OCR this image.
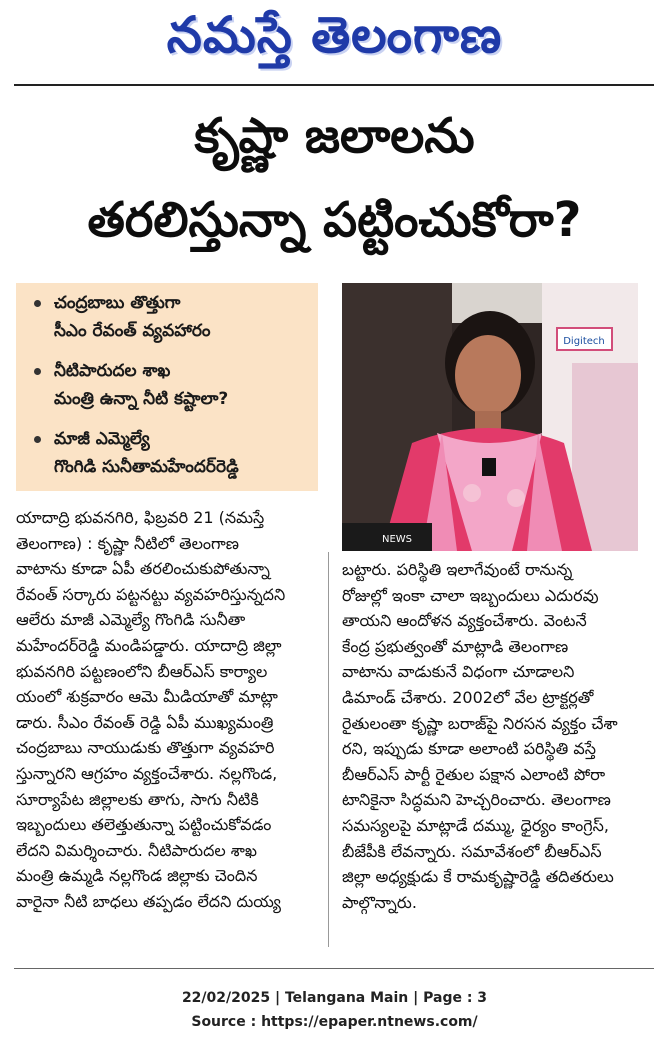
నమస్తే తెలంగాణ
కృష్ణా జలాలను
తరలిస్తున్నా పట్టించుకోరా?
చంద్రబాబు తొత్తుగా
సీఎం రేవంత్ వ్యవహారం
నీటిపారుదల శాఖ
మంత్రి ఉన్నా నీటి కష్టాలా?
మాజీ ఎమ్మెల్యే
గొంగిడి సునీతామహేందర్‌రెడ్డి
Digitech
NEWS

యాదాద్రి భువనగిరి, ఫిబ్రవరి 21 (నమస్తే

తెలంగాణ) : కృష్ణా నీటిలో తెలంగాణ

వాటాను కూడా ఏపీ తరలించుకుపోతున్నా

రేవంత్ సర్కారు పట్టనట్టు వ్యవహరిస్తున్నదని

ఆలేరు మాజీ ఎమ్మెల్యే గొంగిడి సునీతా

మహేందర్‌రెడ్డి మండిపడ్డారు. యాదాద్రి జిల్లా

భువనగిరి పట్టణంలోని బీఆర్‌ఎస్ కార్యాల

యంలో శుక్రవారం ఆమె మీడియాతో మాట్లా

డారు. సీఎం రేవంత్ రెడ్డి ఏపీ ముఖ్యమంత్రి

చంద్రబాబు నాయుడుకు తొత్తుగా వ్యవహరి

స్తున్నారని ఆగ్రహం వ్యక్తంచేశారు. నల్లగొండ,

సూర్యాపేట జిల్లాలకు తాగు, సాగు నీటికి

ఇబ్బందులు తలెత్తుతున్నా పట్టించుకోవడం

లేదని విమర్శించారు. నీటిపారుదల శాఖ

మంత్రి ఉమ్మడి నల్లగొండ జిల్లాకు చెందిన

వారైనా నీటి బాధలు తప్పడం లేదని దుయ్య

బట్టారు. పరిస్థితి ఇలాగేవుంటే రానున్న

రోజుల్లో ఇంకా చాలా ఇబ్బందులు ఎదురవు

తాయని ఆందోళన వ్యక్తంచేశారు. వెంటనే

కేంద్ర ప్రభుత్వంతో మాట్లాడి తెలంగాణ

వాటాను వాడుకునే విధంగా చూడాలని

డిమాండ్ చేశారు. 2002లో వేల ట్రాక్టర్లతో

రైతులంతా కృష్ణా బరాజ్‌పై నిరసన వ్యక్తం చేశా

రని, ఇప్పుడు కూడా అలాంటి పరిస్థితి వస్తే

బీఆర్‌ఎస్ పార్టీ రైతుల పక్షాన ఎలాంటి పోరా

టానికైనా సిద్ధమని హెచ్చరించారు. తెలంగాణ

సమస్యలపై మాట్లాడే దమ్ము, ధైర్యం కాంగ్రెస్,

బీజేపీకి లేవన్నారు. సమావేశంలో బీఆర్‌ఎస్

జిల్లా అధ్యక్షుడు కే రామకృష్ణారెడ్డి తదితరులు

పాల్గొన్నారు.

22/02/2025 | Telangana Main | Page : 3
Source : https://epaper.ntnews.com/
